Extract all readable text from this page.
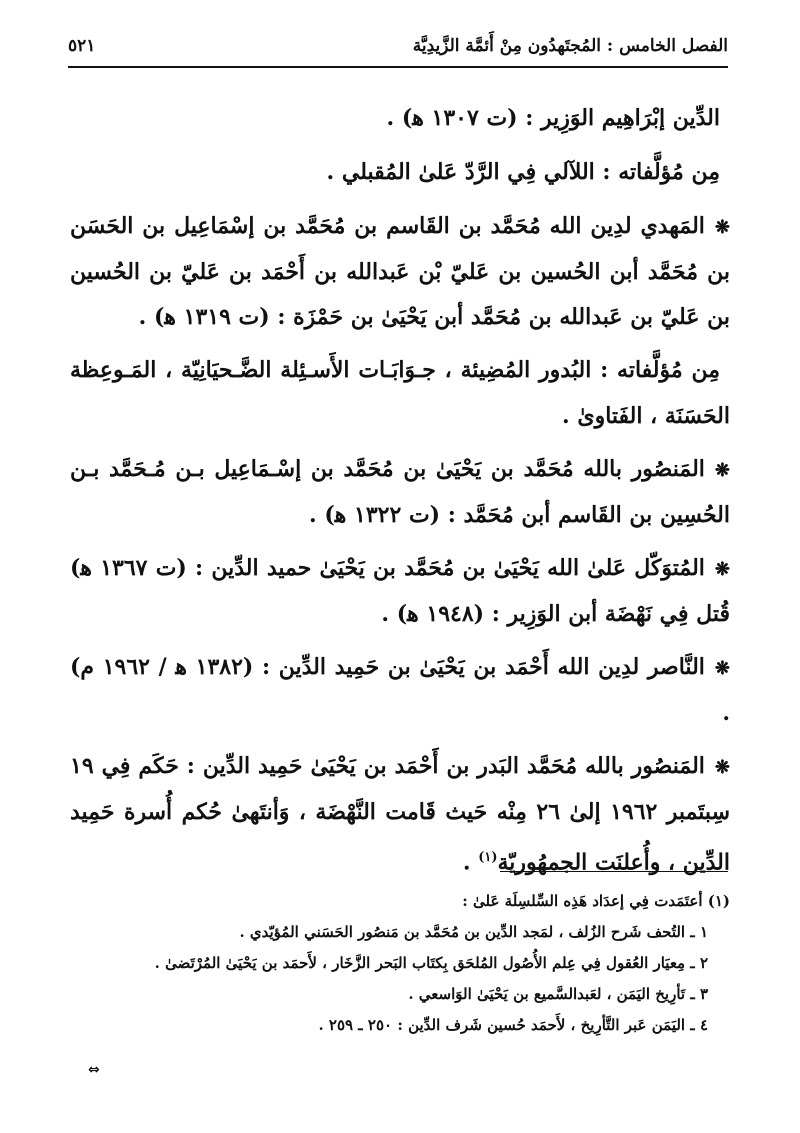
الفصل الخامس : المُجتَهدُون مِنْ أَئمَّة الزَّيدِيَّة
٥٢١

الدِّين إبْرَاهِيم الوَزِير : (ت ١٣٠٧ ﻫ) .

مِن مُؤلَّفاته : اللآلي فِي الرَّدّ عَلىٰ المُقبلي .

❋المَهدي لدِين الله مُحَمَّد بن القَاسم بن مُحَمَّد بن إسْمَاعِيل بن الحَسَن بن مُحَمَّد أبن الحُسين بن عَليّ بْن عَبدالله بن أَحْمَد بن عَليّ بن الحُسين بن عَليّ بن عَبدالله بن مُحَمَّد أبن يَحْيَىٰ بن حَمْزَة : (ت ١٣١٩ ﻫ) .

مِن مُؤلَّفاته : البُدور المُضِيئة ، جـوَابَـات الأَسـئِلة الضَّـحيَانِيّة ، المَـوعِظة الحَسَنَة ، الفَتاوىٰ .

❋المَنصُور بالله مُحَمَّد بن يَحْيَىٰ بن مُحَمَّد بن إسْـمَاعِيل بـن مُـحَمَّد بـن الحُسِين بن القَاسم أبن مُحَمَّد : (ت ١٣٢٢ ﻫ) .

❋المُتوَكّل عَلىٰ الله يَحْيَىٰ بن مُحَمَّد بن يَحْيَىٰ حميد الدِّين : (ت ١٣٦٧ ﻫ) قُتل فِي نَهْضَة أبن الوَزِير : (١٩٤٨ ﻫ) .

❋النَّاصر لدِين الله أَحْمَد بن يَحْيَىٰ بن حَمِيد الدِّين : (١٣٨٢ ﻫ / ١٩٦٢ م) .

❋المَنصُور بالله مُحَمَّد البَدر بن أَحْمَد بن يَحْيَىٰ حَمِيد الدِّين : حَكَم فِي ١٩ سِبتَمبر ١٩٦٢ إلىٰ ٢٦ مِنْه حَيث قَامت النَّهْضَة ، وَأنتَهىٰ حُكم أُسرة حَمِيد الدِّين ، وأُعلنَت الجمهُوريّة$^{(١)}$ .

(١) أعتَمَدت فِي إعدَاد هَذِه السِّلسِلَة عَلىٰ :

١ ـ التُحف شَرح الزُلف ، لمَجد الدِّين بن مُحَمَّد بن مَنصُور الحَسَني المُؤيّدي .
٢ ـ مِعيَار العُقول فِي عِلم الأُصُول المُلحَق بِكتَاب البَحر الزَّخَار ، لأَحمَد بن يَحْيَىٰ المُرْتَضىٰ .
٣ ـ تَأرِيخ اليَمَن ، لعَبدالسَّميع بن يَحْيَىٰ الوَاسعي .
٤ ـ اليَمَن عَبر التَّأرِيخ ، لأَحمَد حُسين شَرف الدِّين : ٢٥٠ ـ ٢٥٩ .
⇔
